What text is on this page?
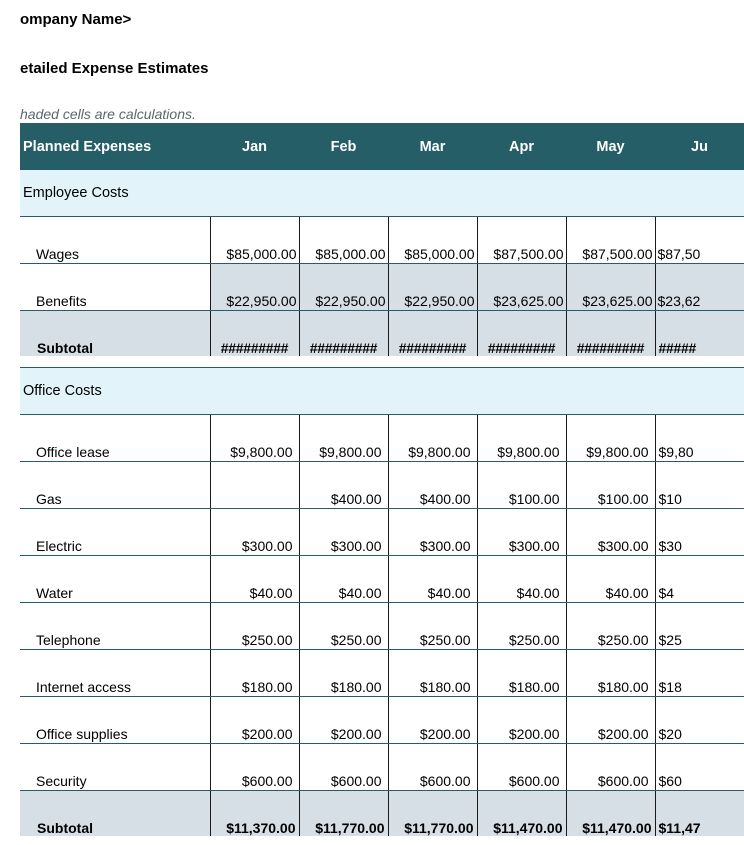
ompany Name>
etailed Expense Estimates
haded cells are calculations.
Planned Expenses	Jan	Feb	Mar	Apr	May	Ju
Employee Costs						
Wages	$85,000.00	$85,000.00	$85,000.00	$87,500.00	$87,500.00	$87,50
Benefits	$22,950.00	$22,950.00	$22,950.00	$23,625.00	$23,625.00	$23,62
Subtotal	#########	#########	#########	#########	#########	#####

Office Costs						
Office lease	$9,800.00	$9,800.00	$9,800.00	$9,800.00	$9,800.00	$9,80
Gas		$400.00	$400.00	$100.00	$100.00	$10
Electric	$300.00	$300.00	$300.00	$300.00	$300.00	$30
Water	$40.00	$40.00	$40.00	$40.00	$40.00	$4
Telephone	$250.00	$250.00	$250.00	$250.00	$250.00	$25
Internet access	$180.00	$180.00	$180.00	$180.00	$180.00	$18
Office supplies	$200.00	$200.00	$200.00	$200.00	$200.00	$20
Security	$600.00	$600.00	$600.00	$600.00	$600.00	$60
Subtotal	$11,370.00	$11,770.00	$11,770.00	$11,470.00	$11,470.00	$11,47
